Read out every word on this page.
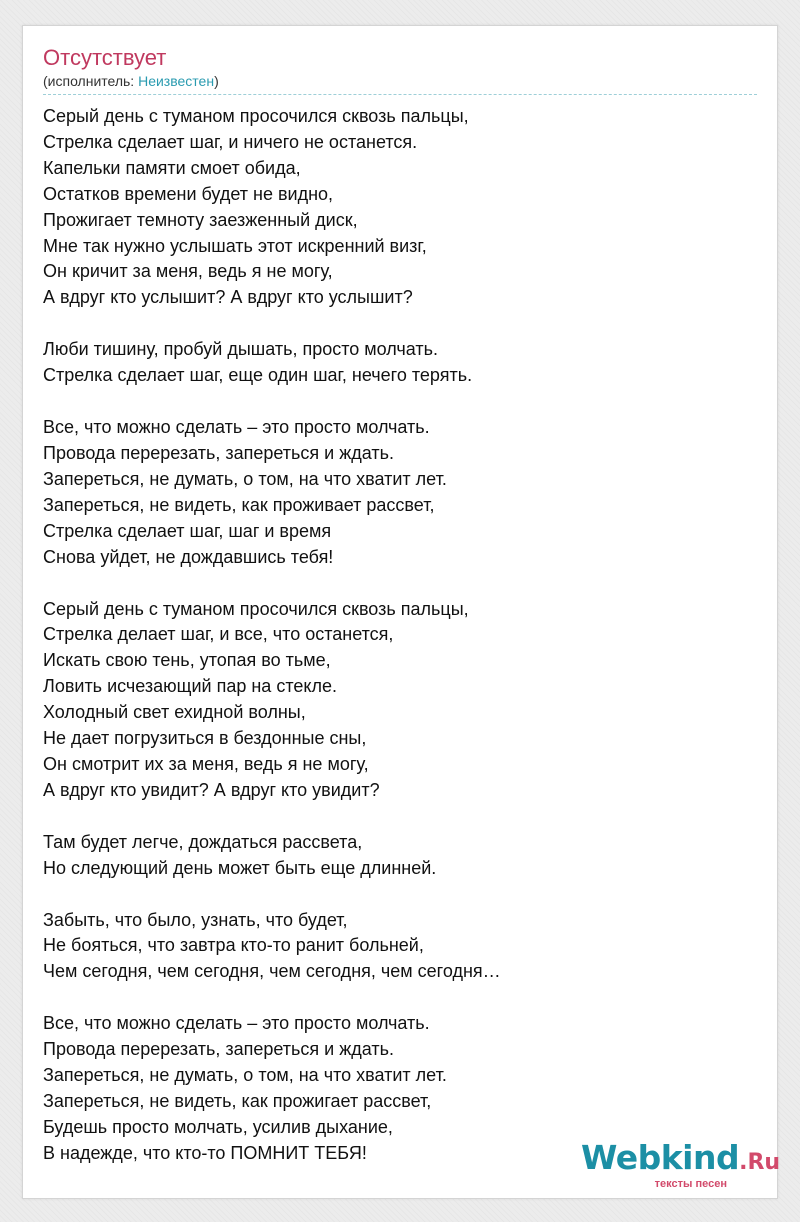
Отсутствует
(исполнитель: Неизвестен)
Серый день с туманом просочился сквозь пальцы,
Стрелка сделает шаг, и ничего не останется.
Капельки памяти смоет обида,
Остатков времени будет не видно,
Прожигает темноту заезженный диск,
Мне так нужно услышать этот искренний визг,
Он кричит за меня, ведь я не могу,
А вдруг кто услышит? А вдруг кто услышит?
Люби тишину, пробуй дышать, просто молчать.
Стрелка сделает шаг, еще один шаг, нечего терять.
Все, что можно сделать – это просто молчать.
Провода перерезать, запереться и ждать.
Запереться, не думать, о том, на что хватит лет.
Запереться, не видеть, как проживает рассвет,
Стрелка сделает шаг, шаг и время
Снова уйдет, не дождавшись тебя!
Серый день с туманом просочился сквозь пальцы,
Стрелка делает шаг, и все, что останется,
Искать свою тень, утопая во тьме,
Ловить исчезающий пар на стекле.
Холодный свет ехидной волны,
Не дает погрузиться в бездонные сны,
Он смотрит их за меня, ведь я не могу,
А вдруг кто увидит? А вдруг кто увидит?
Там будет легче, дождаться рассвета,
Но следующий день может быть еще длинней.
Забыть, что было, узнать, что будет,
Не бояться, что завтра кто-то ранит больней,
Чем сегодня, чем сегодня, чем сегодня, чем сегодня…
Все, что можно сделать – это просто молчать.
Провода перерезать, запереться и ждать.
Запереться, не думать, о том, на что хватит лет.
Запереться, не видеть, как прожигает рассвет,
Будешь просто молчать, усилив дыхание,
В надежде, что кто-то ПОМНИТ ТЕБЯ!	Webkind.Ru
тексты песен
